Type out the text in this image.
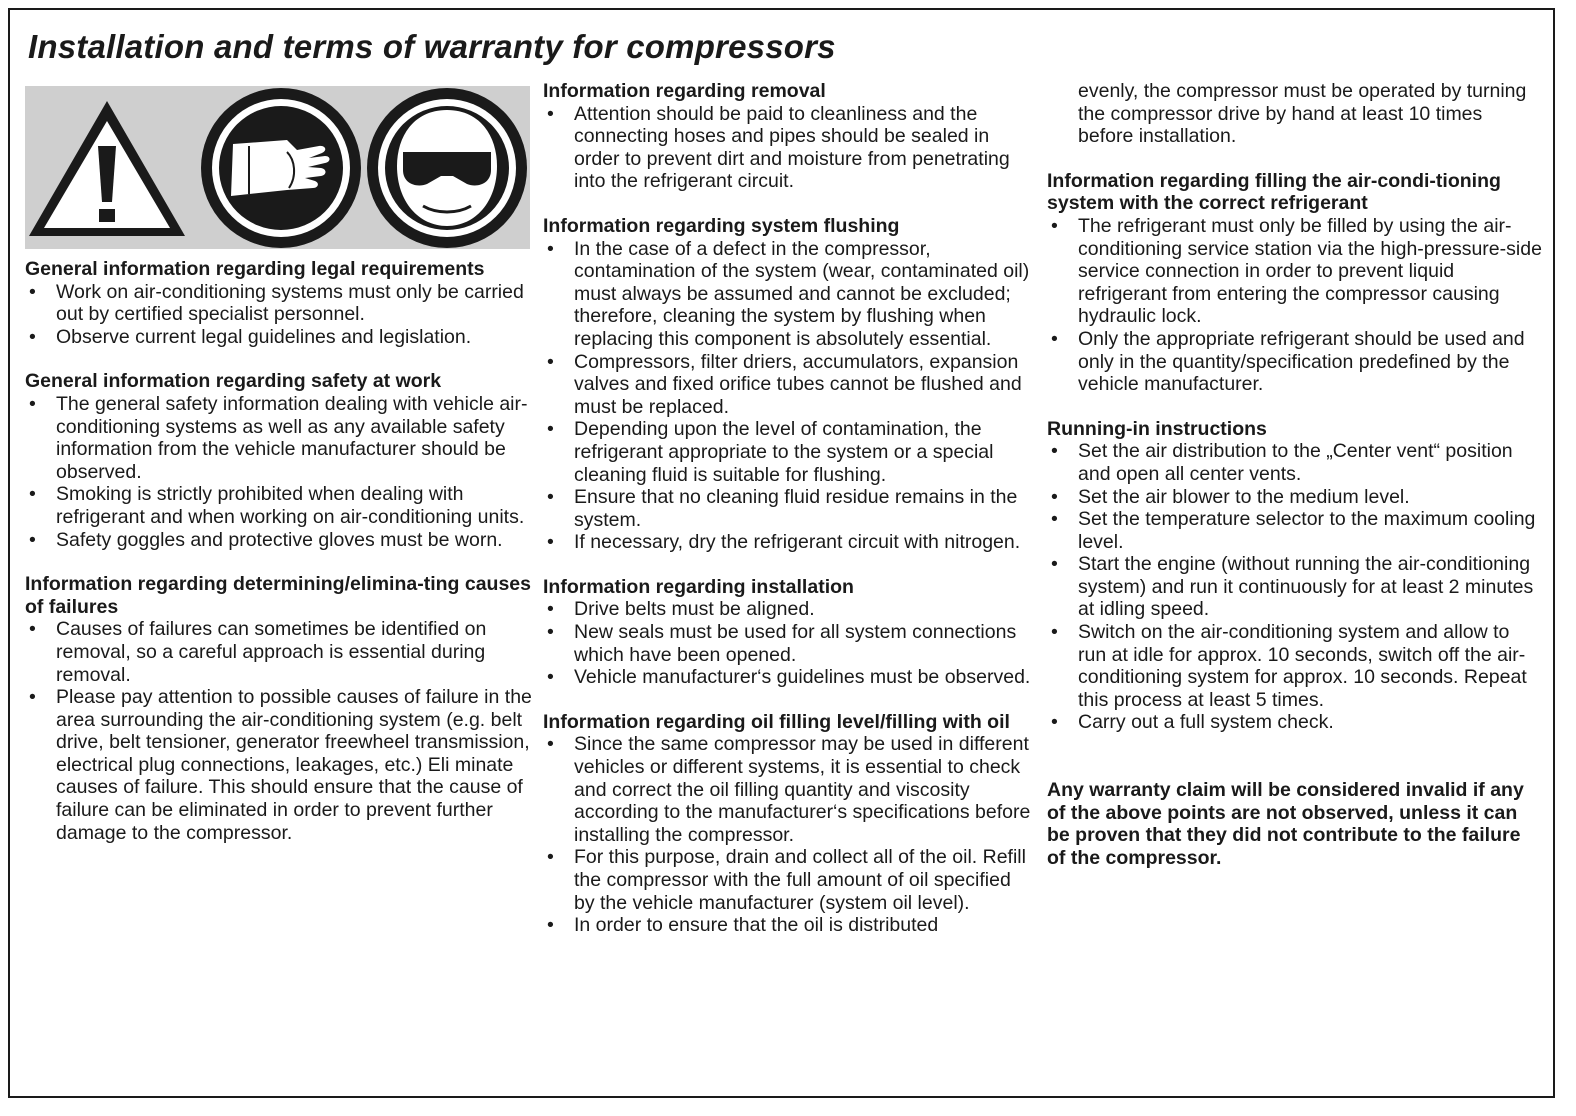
Installation and terms of warranty for compressors
General information regarding legal requirements
• Work on air-conditioning systems must only be carried out by certified specialist personnel.
• Observe current legal guidelines and legislation.
General information regarding safety at work
• The general safety information dealing with vehicle air-conditioning systems as well as any available safety information from the vehicle manufacturer should be observed.
• Smoking is strictly prohibited when dealing with refrigerant and when working on air-conditioning units.
• Safety goggles and protective gloves must be worn.
Information regarding determining/elimina-ting causes of failures
• Causes of failures can sometimes be identified on removal, so a careful approach is essential during removal.
• Please pay attention to possible causes of failure in the area surrounding the air-conditioning system (e.g. belt drive, belt tensioner, generator freewheel transmission, electrical plug connections, leakages, etc.) Eli minate causes of failure. This should ensure that the cause of failure can be eliminated in order to prevent further damage to the compressor.
Information regarding removal
• Attention should be paid to cleanliness and the connecting hoses and pipes should be sealed in order to prevent dirt and moisture from penetrating into the refrigerant circuit.
Information regarding system flushing
• In the case of a defect in the compressor, contamination of the system (wear, contaminated oil) must always be assumed and cannot be excluded; therefore, cleaning the system by flushing when replacing this component is absolutely essential.
• Compressors, filter driers, accumulators, expansion valves and fixed orifice tubes cannot be flushed and must be replaced.
• Depending upon the level of contamination, the refrigerant appropriate to the system or a special cleaning fluid is suitable for flushing.
• Ensure that no cleaning fluid residue remains in the system.
• If necessary, dry the refrigerant circuit with nitrogen.
Information regarding installation
• Drive belts must be aligned.
• New seals must be used for all system connections which have been opened.
• Vehicle manufacturer‘s guidelines must be observed.
Information regarding oil filling level/filling with oil
• Since the same compressor may be used in different vehicles or different systems, it is essential to check and correct the oil filling quantity and viscosity according to the manufacturer‘s specifications before installing the compressor.
• For this purpose, drain and collect all of the oil. Refill the compressor with the full amount of oil specified by the vehicle manufacturer (system oil level).
• In order to ensure that the oil is distributed
evenly, the compressor must be operated by turning the compressor drive by hand at least 10 times before installation.
Information regarding filling the air-condi-tioning system with the correct refrigerant
• The refrigerant must only be filled by using the air-conditioning service station via the high-pressure-side service connection in order to prevent liquid refrigerant from entering the compressor causing hydraulic lock.
• Only the appropriate refrigerant should be used and only in the quantity/specification predefined by the vehicle manufacturer.
Running-in instructions
• Set the air distribution to the „Center vent“ position and open all center vents.
• Set the air blower to the medium level.
• Set the temperature selector to the maximum cooling level.
• Start the engine (without running the air-conditioning system) and run it continuously for at least 2 minutes at idling speed.
• Switch on the air-conditioning system and allow to run at idle for approx. 10 seconds, switch off the air-conditioning system for approx. 10 seconds. Repeat this process at least 5 times.
• Carry out a full system check.

Any warranty claim will be considered invalid if any of the above points are not observed, unless it can be proven that they did not contribute to the failure of the compressor.
